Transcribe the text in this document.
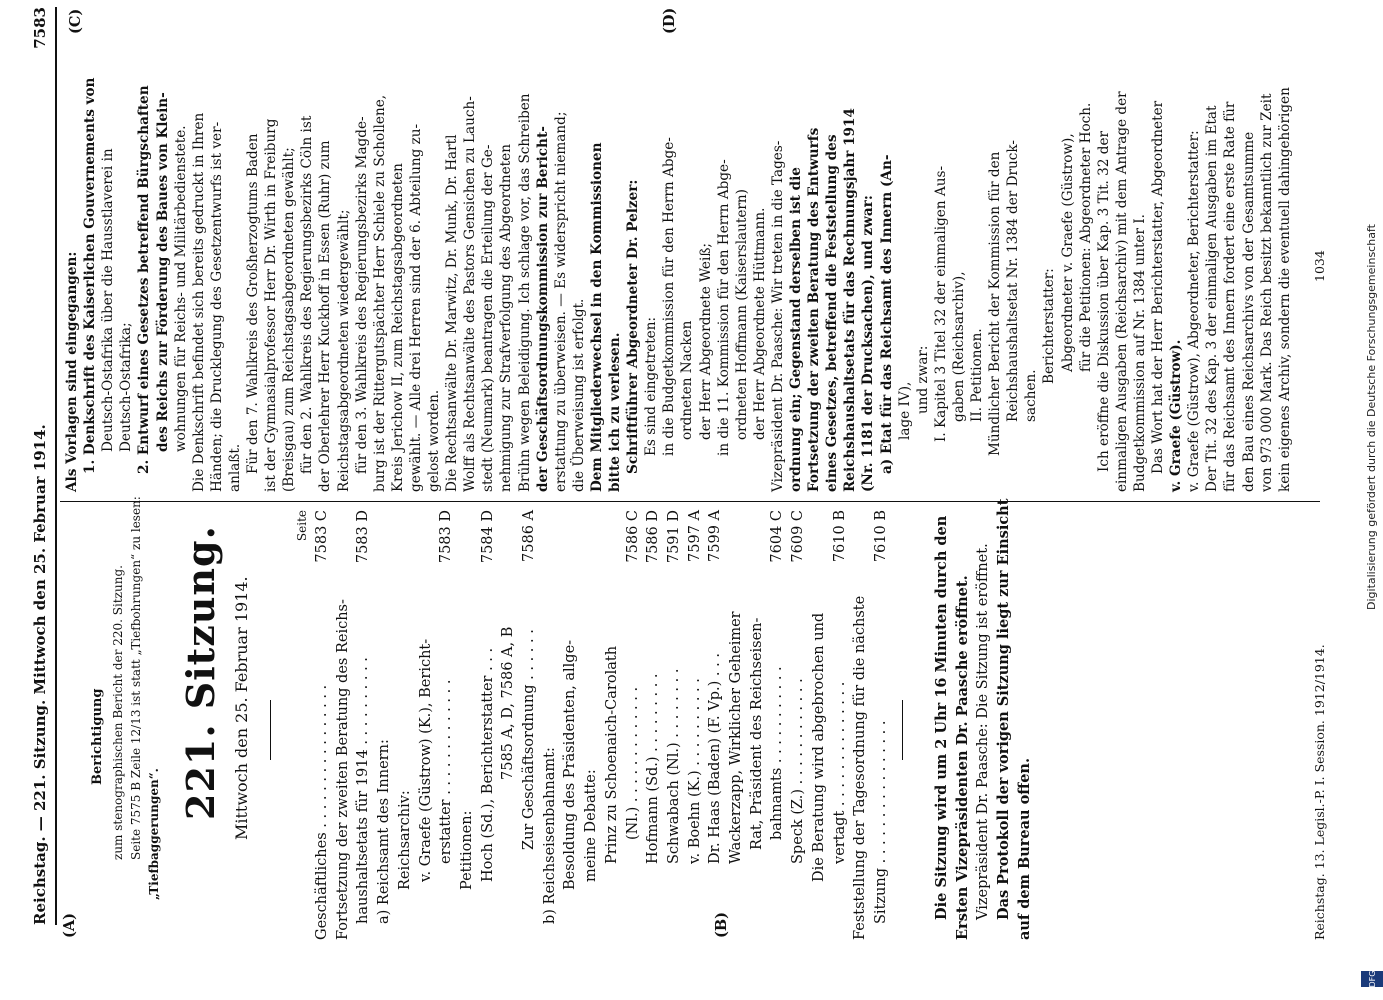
Reichstag. — 221. Sitzung. Mittwoch den 25. Februar 1914.
7583
(A)	(B)
(C)	(D)
Berichtigung zum stenographischen Bericht der 220. Sitzung. Seite 7575 B Zeile 12/13 ist statt „Tiefbohrungen“ zu lesen: „Tiefbaggerungen“.
221. Sitzung. Mittwoch den 25. Februar 1914.
Seite
Geschäftliches . . . . . . . . . . . . . . . .
7583 C
Fortsetzung der zweiten Beratung des Reichs- haushaltsetats für 1914 . . . . . . . . . .
7583 D
a) Reichsamt des Innern: Reichsarchiv: v. Graefe (Güstrow) (K.), Bericht- erstatter . . . . . . . . . . . . .
7583 D
Petitionen: Hoch (Sd.), Berichterstatter . . .
7584 D
7585 A, D, 7586 A, B Zur Geschäftsordnung . . . . . .
7586 A
b) Reichseisenbahnamt: Besoldung des Präsidenten, allge- meine Debatte: Prinz zu Schoenaich-Carolath (Nl.) . . . . . . . . . . . . .
7586 C
Hofmann (Sd.) . . . . . . . . .
7586 D
Schwabach (Nl.) . . . . . . . .
7591 D
v. Boehn (K.) . . . . . . . . . .
7597 A
Dr. Haas (Baden) (F. Vp.) . . .
7599 A
Wackerzapp, Wirklicher Geheimer Rat, Präsident des Reichseisen- bahnamts . . . . . . . . . . .
7604 C
Speck (Z.) . . . . . . . . . . . .
7609 C
Die Beratung wird abgebrochen und vertagt . . . . . . . . . . . . . .
7610 B
Feststellung der Tagesordnung für die nächste Sitzung . . . . . . . . . . . . . . . .
7610 B	Die Sitzung wird um 2 Uhr 16 Minuten durch den Ersten Vizepräsidenten Dr. Paasche eröffnet. Vizepräsident Dr. Paasche: Die Sitzung ist eröffnet. Das Protokoll der vorigen Sitzung liegt zur Einsicht auf dem Bureau offen.	Reichstag. 13. Legisl.-P. I. Session. 1912/1914.
Als Vorlagen sind eingegangen: 1. Denkschrift des Kaiserlichen Gouvernements von Deutsch-Ostafrika über die Hausstlaverei in Deutsch-Ostafrika; 2. Entwurf eines Gesetzes betreffend Bürgschaften des Reichs zur Förderung des Baues von Klein- wohnungen für Reichs- und Militärbedienstete. Die Denkschrift befindet sich bereits gedruckt in Ihren Händen; die Drucklegung des Gesetzentwurfs ist ver- anlaßt. Für den 7. Wahlkreis des Großherzogtums Baden ist der Gymnasialprofessor Herr Dr. Wirth in Freiburg (Breisgau) zum Reichstagsabgeordneten gewählt; für den 2. Wahlkreis des Regierungsbezirks Cöln ist der Oberlehrer Herr Kuckhoff in Essen (Ruhr) zum Reichstagsabgeordneten wiedergewählt; für den 3. Wahlkreis des Regierungsbezirks Magde- burg ist der Rittergutspächter Herr Schiele zu Schollene, Kreis Jerichow II, zum Reichstagsabgeordneten gewählt. — Alle drei Herren sind der 6. Abteilung zu- gelost worden. Die Rechtsanwälte Dr. Marwitz, Dr. Munk, Dr. Hartl Wolff als Rechtsanwälte des Pastors Gensichen zu Lauch- stedt (Neumark) beantragen die Erteilung der Ge- nehmigung zur Strafverfolgung des Abgeordneten Brühn wegen Beleidigung. Ich schlage vor, das Schreiben der Geschäftsordnungskommission zur Bericht- erstattung zu überweisen. — Es widerspricht niemand; die Überweisung ist erfolgt. Dem Mitgliederwechsel in den Kommissionen bitte ich zu verlesen. Schriftführer Abgeordneter Dr. Pelzer: Es sind eingetreten: in die Budgetkommission für den Herrn Abge- ordneten Nacken der Herr Abgeordnete Weiß; in die 11. Kommission für den Herrn Abge- ordneten Hoffmann (Kaiserslautern) der Herr Abgeordnete Hüttmann. Vizepräsident Dr. Paasche: Wir treten in die Tages- ordnung ein; Gegenstand derselben ist die Fortsetzung der zweiten Beratung des Entwurfs eines Gesetzes, betreffend die Feststellung des Reichshaushaltsetats für das Rechnungsjahr 1914 (Nr. 1181 der Drucksachen), und zwar: a) Etat für das Reichsamt des Innern (An- lage IV), und zwar: I. Kapitel 3 Titel 32 der einmaligen Aus- gaben (Reichsarchiv), II. Petitionen. Mündlicher Bericht der Kommission für den Reichshaushaltsetat Nr. 1384 der Druck- sachen.
Berichterstatter: Abgeordneter v. Graefe (Güstrow), für die Petitionen: Abgeordneter Hoch. Ich eröffne die Diskussion über Kap. 3 Tit. 32 der einmaligen Ausgaben (Reichsarchiv) mit dem Antrage der Budgetkommission auf Nr. 1384 unter I. Das Wort hat der Herr Berichterstatter, Abgeordneter v. Graefe (Güstrow). v. Graefe (Güstrow), Abgeordneter, Berichterstatter: Der Tit. 32 des Kap. 3 der einmaligen Ausgaben im Etat für das Reichsamt des Innern fordert eine erste Rate für den Bau eines Reichsarchivs von der Gesamtsumme von 973 000 Mark. Das Reich besitzt bekanntlich zur Zeit kein eigenes Archiv, sondern die eventuell dahingehörigen 1034	Digitalisierung gefördert durch die Deutsche Forschungsgemeinschaft
DFG
